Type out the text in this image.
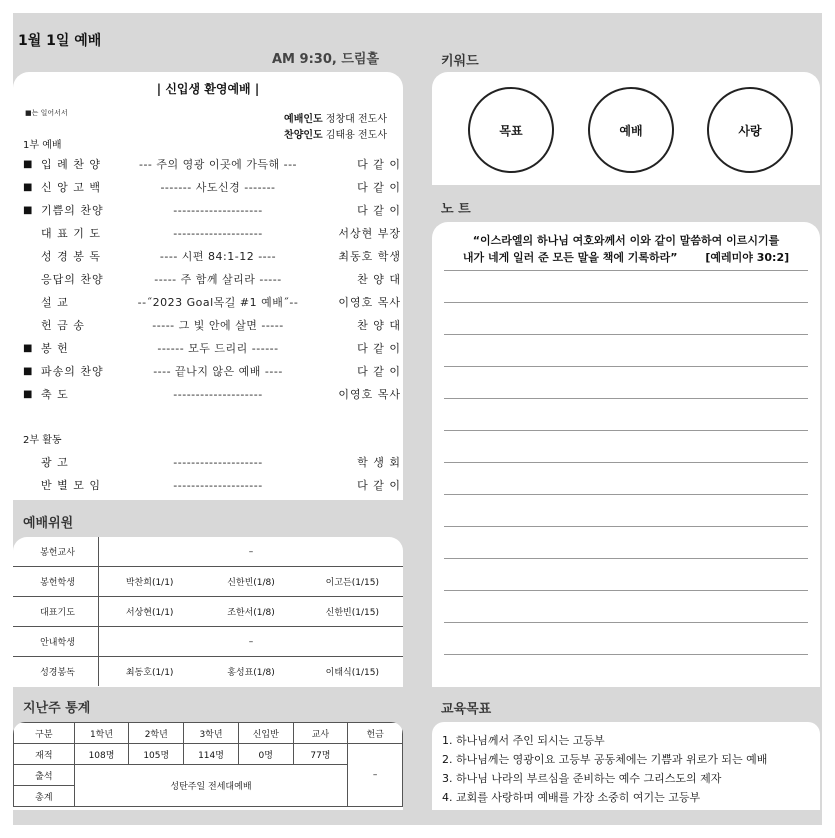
1월 1일 예배
AM 9:30, 드림홀
| 신입생 환영예배 |
■는 일어서서
예배인도 정창대 전도사
찬양인도 김태용 전도사
1부 예배
■ 입 례 찬 양	--- 주의 영광 이곳에 가득해 ---	다 같 이
■ 신 앙 고 백	------- 사도신경 -------	다 같 이
■ 기쁨의 찬양	--------------------	다 같 이
대 표 기 도	--------------------	서상현 부장
성 경 봉 독	---- 시편 84:1-12 ----	최동호 학생
응답의 찬양	----- 주 함께 살리라 -----	찬 양 대
설 교	--˝2023 Goal목길 #1 예배˝--	이영호 목사
헌 금 송	----- 그 빛 안에 살면 -----	찬 양 대
■ 봉 헌	------ 모두 드리리 ------	다 같 이
■ 파송의 찬양	---- 끝나지 않은 예배 ----	다 같 이
■ 축 도	--------------------	이영호 목사
2부 활동
광 고	--------------------	학 생 회
반 별 모 임	--------------------	다 같 이
예배위원
봉헌교사	–
봉헌학생	박찬희(1/1)	신한빈(1/8)	이고든(1/15)
대표기도	서상현(1/1)	조한서(1/8)	신한빈(1/15)
안내학생	–
성경봉독	최동호(1/1)	홍성표(1/8)	이태식(1/15)
지난주 통계
구분	1학년	2학년	3학년	신입반	교사	헌금
재적	108명	105명	114명	0명	77명	–
출석	성탄주일 전세대예배					
총계						
키워드
목표	예배	사랑
노 트
“이스라엘의 하나님 여호와께서 이와 같이 말씀하여 이르시기를
내가 네게 일러 준 모든 말을 책에 기록하라”	[예레미야 30:2]
교육목표
1. 하나님께서 주인 되시는 고등부
2. 하나님께는 영광이요 고등부 공동체에는 기쁨과 위로가 되는 예배
3. 하나님 나라의 부르심을 준비하는 예수 그리스도의 제자
4. 교회를 사랑하며 예배를 가장 소중히 여기는 고등부
